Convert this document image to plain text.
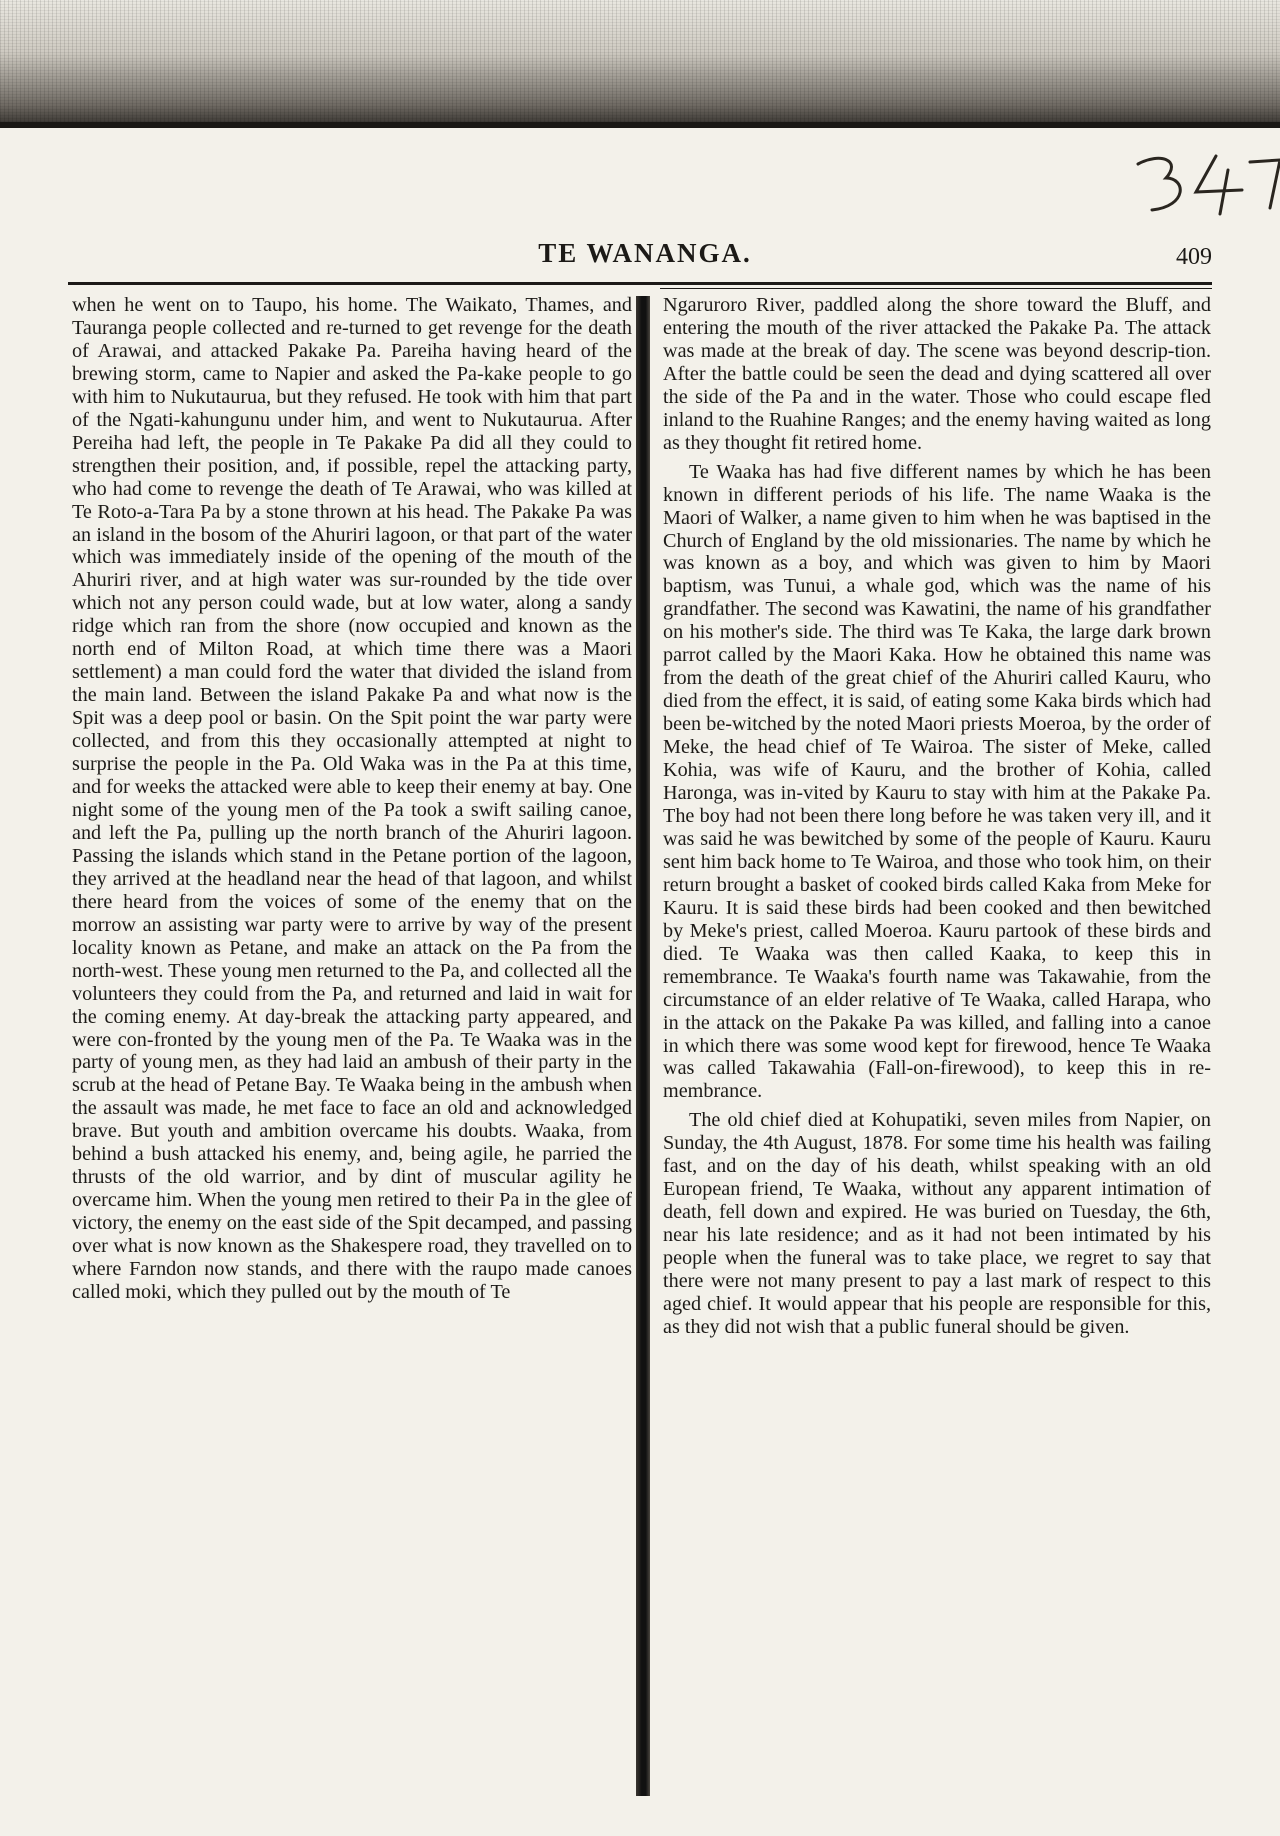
TE WANANGA.	409

when he went on to Taupo, his home. The Waikato, Thames, and Tauranga people collected and re-turned to get revenge for the death of Arawai, and attacked Pakake Pa. Pareiha having heard of the brewing storm, came to Napier and asked the Pa-kake people to go with him to Nukutaurua, but they refused. He took with him that part of the Ngati-kahungunu under him, and went to Nukutaurua. After Pereiha had left, the people in Te Pakake Pa did all they could to strengthen their position, and, if possible, repel the attacking party, who had come to revenge the death of Te Arawai, who was killed at Te Roto-a-Tara Pa by a stone thrown at his head. The Pakake Pa was an island in the bosom of the Ahuriri lagoon, or that part of the water which was immediately inside of the opening of the mouth of the Ahuriri river, and at high water was sur-rounded by the tide over which not any person could wade, but at low water, along a sandy ridge which ran from the shore (now occupied and known as the north end of Milton Road, at which time there was a Maori settlement) a man could ford the water that divided the island from the main land. Between the island Pakake Pa and what now is the Spit was a deep pool or basin. On the Spit point the war party were collected, and from this they occasionally attempted at night to surprise the people in the Pa. Old Waka was in the Pa at this time, and for weeks the attacked were able to keep their enemy at bay. One night some of the young men of the Pa took a swift sailing canoe, and left the Pa, pulling up the north branch of the Ahuriri lagoon. Passing the islands which stand in the Petane portion of the lagoon, they arrived at the headland near the head of that lagoon, and whilst there heard from the voices of some of the enemy that on the morrow an assisting war party were to arrive by way of the present locality known as Petane, and make an attack on the Pa from the north-west. These young men returned to the Pa, and collected all the volunteers they could from the Pa, and returned and laid in wait for the coming enemy. At day-break the attacking party appeared, and were con-fronted by the young men of the Pa. Te Waaka was in the party of young men, as they had laid an ambush of their party in the scrub at the head of Petane Bay. Te Waaka being in the ambush when the assault was made, he met face to face an old and acknowledged brave. But youth and ambition overcame his doubts. Waaka, from behind a bush attacked his enemy, and, being agile, he parried the thrusts of the old warrior, and by dint of muscular agility he overcame him. When the young men retired to their Pa in the glee of victory, the enemy on the east side of the Spit decamped, and passing over what is now known as the Shakespere road, they travelled on to where Farndon now stands, and there with the raupo made canoes called moki, which they pulled out by the mouth of Te

Ngaruroro River, paddled along the shore toward the Bluff, and entering the mouth of the river attacked the Pakake Pa. The attack was made at the break of day. The scene was beyond descrip-tion. After the battle could be seen the dead and dying scattered all over the side of the Pa and in the water. Those who could escape fled inland to the Ruahine Ranges; and the enemy having waited as long as they thought fit retired home.

Te Waaka has had five different names by which he has been known in different periods of his life. The name Waaka is the Maori of Walker, a name given to him when he was baptised in the Church of England by the old missionaries. The name by which he was known as a boy, and which was given to him by Maori baptism, was Tunui, a whale god, which was the name of his grandfather. The second was Kawatini, the name of his grandfather on his mother's side. The third was Te Kaka, the large dark brown parrot called by the Maori Kaka. How he obtained this name was from the death of the great chief of the Ahuriri called Kauru, who died from the effect, it is said, of eating some Kaka birds which had been be-witched by the noted Maori priests Moeroa, by the order of Meke, the head chief of Te Wairoa. The sister of Meke, called Kohia, was wife of Kauru, and the brother of Kohia, called Haronga, was in-vited by Kauru to stay with him at the Pakake Pa. The boy had not been there long before he was taken very ill, and it was said he was bewitched by some of the people of Kauru. Kauru sent him back home to Te Wairoa, and those who took him, on their return brought a basket of cooked birds called Kaka from Meke for Kauru. It is said these birds had been cooked and then bewitched by Meke's priest, called Moeroa. Kauru partook of these birds and died. Te Waaka was then called Kaaka, to keep this in remembrance. Te Waaka's fourth name was Takawahie, from the circumstance of an elder relative of Te Waaka, called Harapa, who in the attack on the Pakake Pa was killed, and falling into a canoe in which there was some wood kept for firewood, hence Te Waaka was called Takawahia (Fall-on-firewood), to keep this in re-membrance.

The old chief died at Kohupatiki, seven miles from Napier, on Sunday, the 4th August, 1878. For some time his health was failing fast, and on the day of his death, whilst speaking with an old European friend, Te Waaka, without any apparent intimation of death, fell down and expired. He was buried on Tuesday, the 6th, near his late residence; and as it had not been intimated by his people when the funeral was to take place, we regret to say that there were not many present to pay a last mark of respect to this aged chief. It would appear that his people are responsible for this, as they did not wish that a public funeral should be given.
